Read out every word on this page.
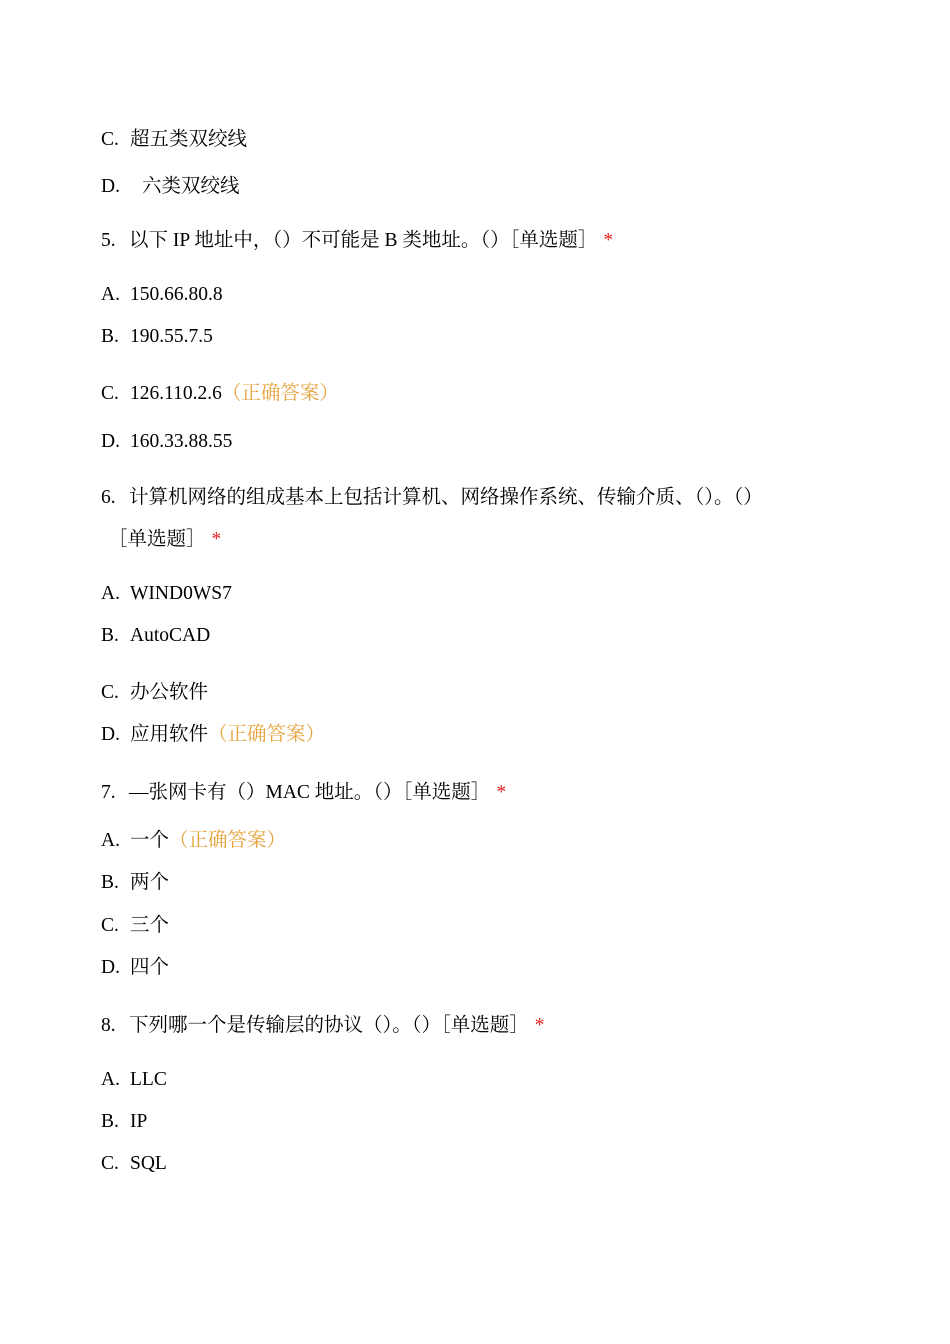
C. 超五类双绞线
D. 六类双绞线
5. 以下 IP 地址中，（）不可能是 B 类地址。（）［单选题］ *
A. 150.66.80.8
B. 190.55.7.5
C. 126.110.2.6（正确答案）
D. 160.33.88.55
6. 计算机网络的组成基本上包括计算机、网络操作系统、传输介质、（）。（）
［单选题］ *
A. WIND0WS7
B. AutoCAD
C. 办公软件
D. 应用软件（正确答案）
7. —张网卡有（）MAC 地址。（）［单选题］ *
A. 一个（正确答案）
B. 两个
C. 三个
D. 四个
8. 下列哪一个是传输层的协议（）。（）［单选题］ *
A. LLC
B. IP
C. SQL
